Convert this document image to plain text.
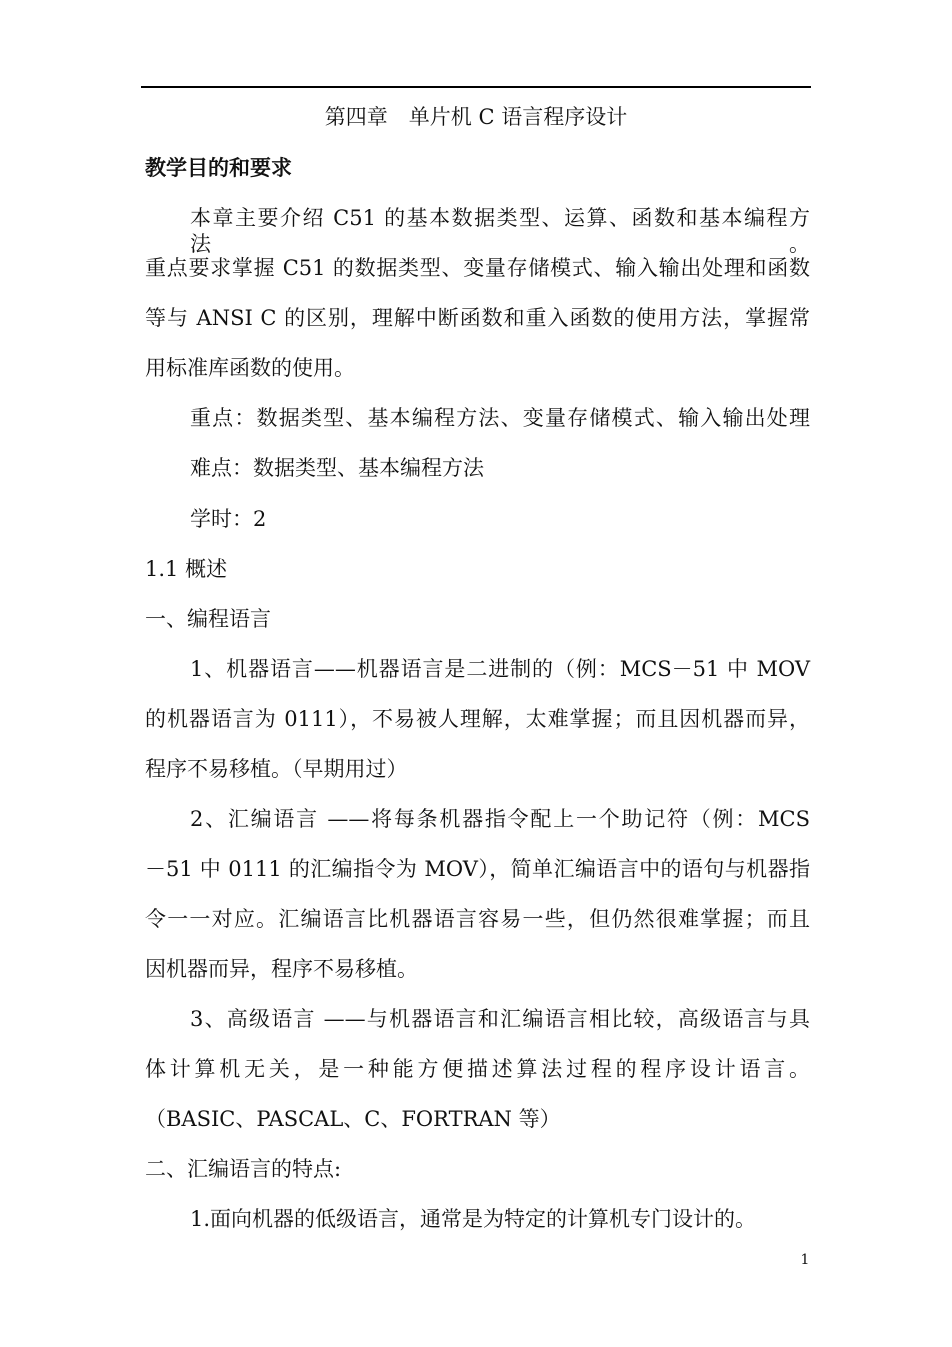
第四章　单片机 C 语言程序设计
教学目的和要求
本章主要介绍 C51 的基本数据类型、运算、函数和基本编程方法。
重点要求掌握 C51 的数据类型、变量存储模式、输入输出处理和函数
等与 ANSI C 的区别，理解中断函数和重入函数的使用方法，掌握常
用标准库函数的使用。
重点：数据类型、基本编程方法、变量存储模式、输入输出处理
难点：数据类型、基本编程方法
学时：2
1.1 概述
一、编程语言
1、机器语言——机器语言是二进制的（例：MCS－51 中 MOV
的机器语言为 0111），不易被人理解，太难掌握；而且因机器而异，
程序不易移植。（早期用过）
2、汇编语言 ——将每条机器指令配上一个助记符（例：MCS
－51 中 0111 的汇编指令为 MOV），简单汇编语言中的语句与机器指
令一一对应。汇编语言比机器语言容易一些，但仍然很难掌握；而且
因机器而异，程序不易移植。
3、高级语言 ——与机器语言和汇编语言相比较，高级语言与具
体计算机无关，是一种能方便描述算法过程的程序设计语言。
（BASIC、PASCAL、C、FORTRAN 等）
二、汇编语言的特点:
1.面向机器的低级语言，通常是为特定的计算机专门设计的。
1
